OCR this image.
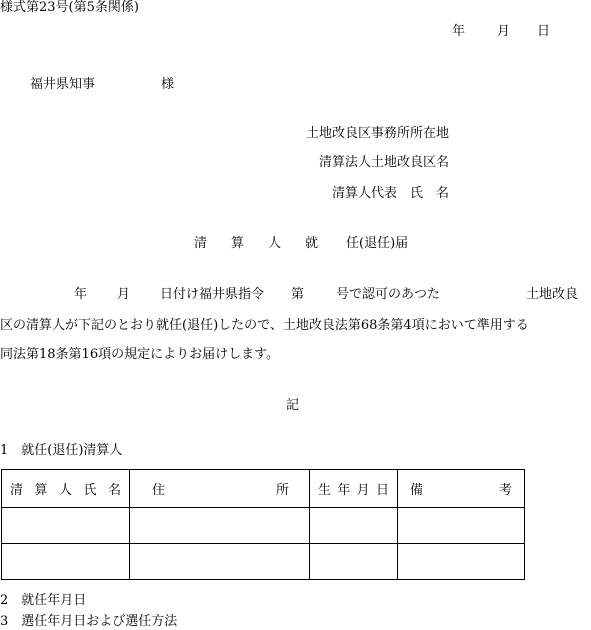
様式第23号(第5条関係)
年 月 日
福井県知事	様
土地改良区事務所所在地
清算法人土地改良区名
清算人代表　氏　名
清 算 人 就 任(退任)届
年 月 日付け福井県指令 第 号で認可のあつた	土地改良
区の清算人が下記のとおり就任(退任)したので、土地改良法第68条第4項において準用する
同法第18条第16項の規定によりお届けします。
記
1　就任(退任)清算人
清 算 人 氏 名	住 所	生 年 月 日	備 考

2　就任年月日
3　選任年月日および選任方法
